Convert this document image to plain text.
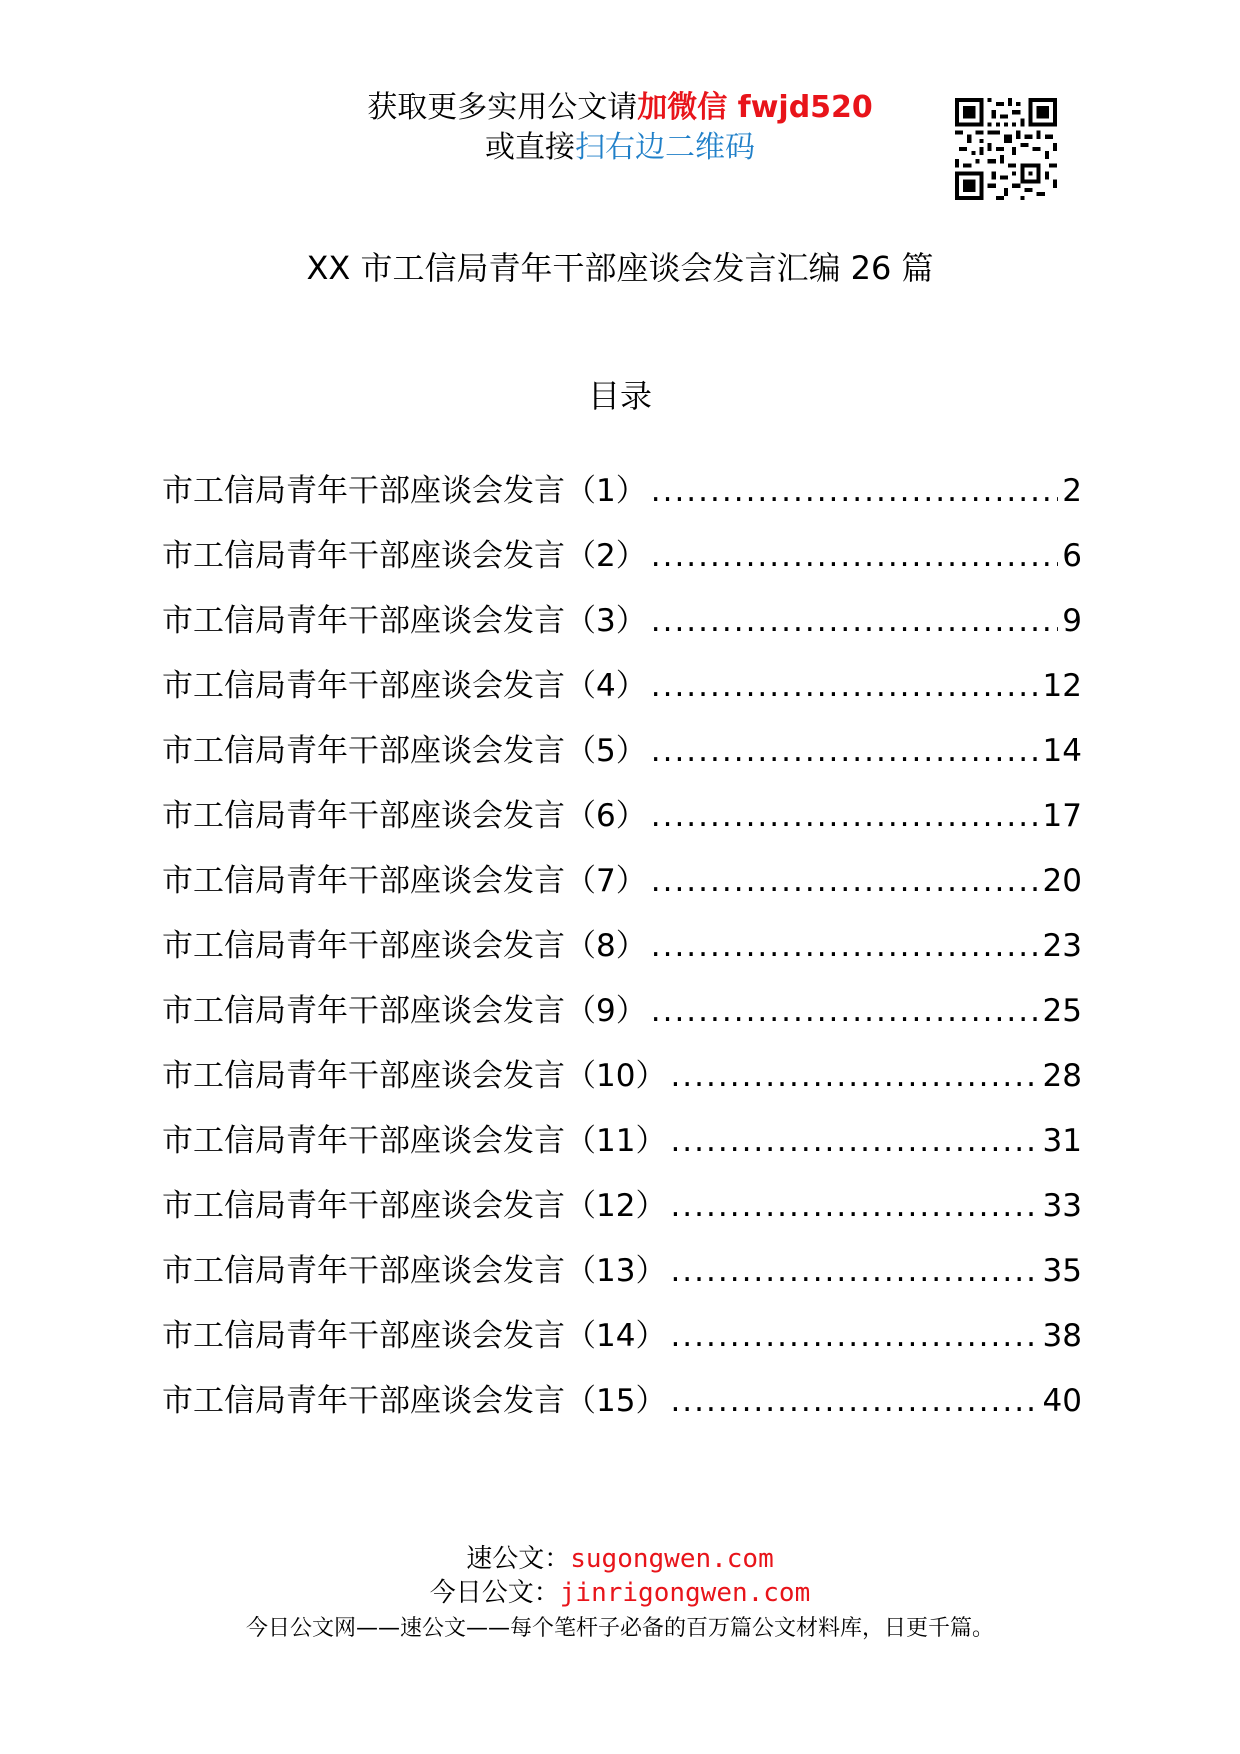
获取更多实用公文请加微信 fwjd520
或直接扫右边二维码
XX 市工信局青年干部座谈会发言汇编 26 篇
目录
市工信局青年干部座谈会发言（1） .....	2
市工信局青年干部座谈会发言（2） .....	6
市工信局青年干部座谈会发言（3） .....	9
市工信局青年干部座谈会发言（4） .....	12
市工信局青年干部座谈会发言（5） .....	14
市工信局青年干部座谈会发言（6） .....	17
市工信局青年干部座谈会发言（7） .....	20
市工信局青年干部座谈会发言（8） .....	23
市工信局青年干部座谈会发言（9） .....	25
市工信局青年干部座谈会发言（10） .....	28
市工信局青年干部座谈会发言（11） .....	31
市工信局青年干部座谈会发言（12） .....	33
市工信局青年干部座谈会发言（13） .....	35
市工信局青年干部座谈会发言（14） .....	38
市工信局青年干部座谈会发言（15） .....	40
速公文：sugongwen.com
今日公文：jinrigongwen.com
今日公文网——速公文——每个笔杆子必备的百万篇公文材料库，日更千篇。
